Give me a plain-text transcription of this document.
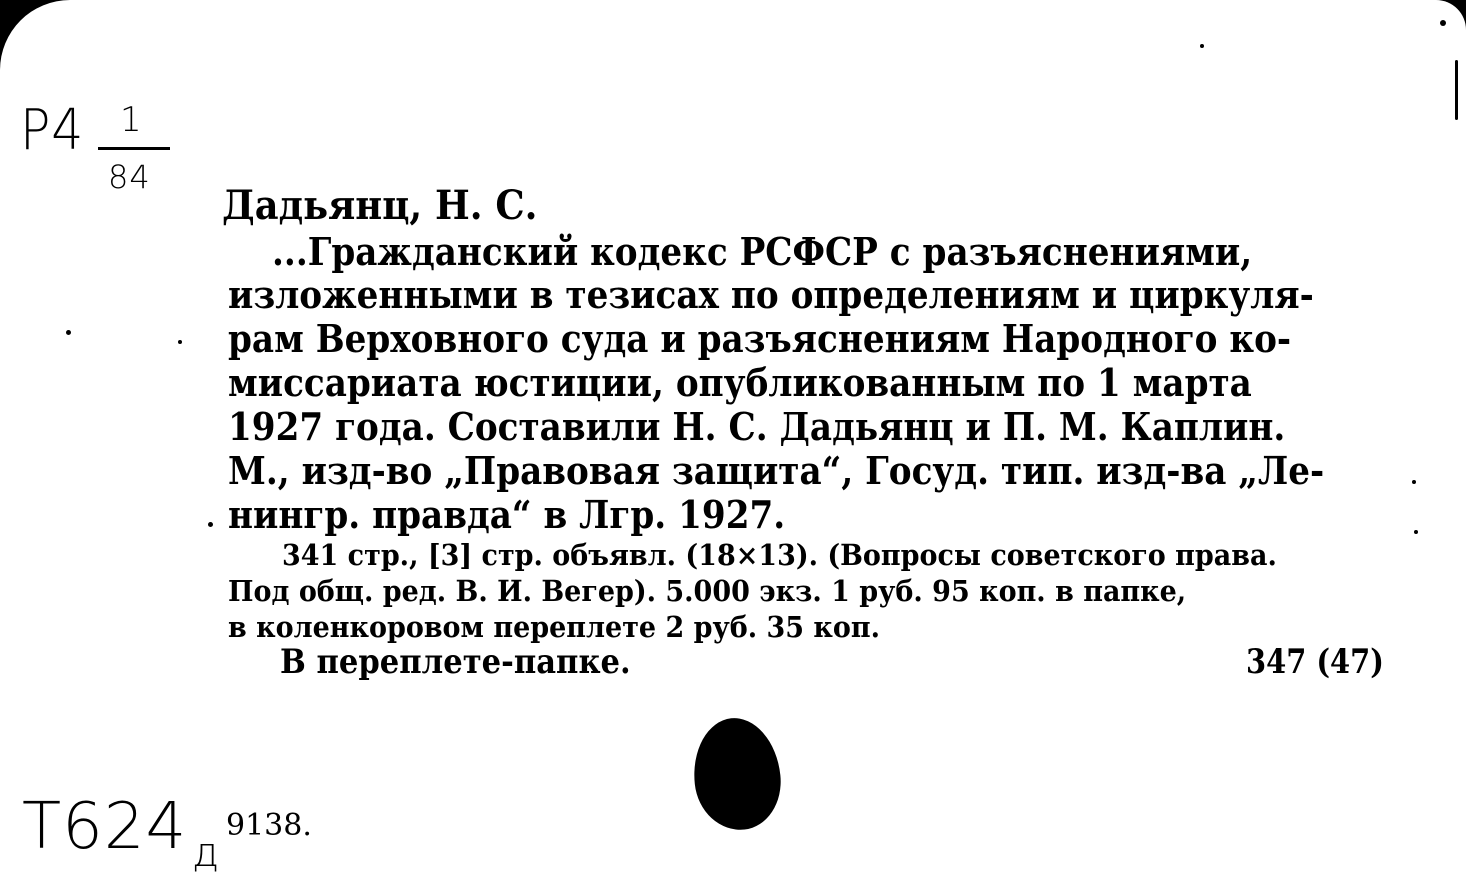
Р4 1
84
Дадьянц, Н. С.
...Гражданский кодекс РСФСР с разъяснениями,
изложенными в тезисах по определениям и циркуля-
рам Верховного суда и разъяснениям Народного ко-
миссариата юстиции, опубликованным по 1 марта
1927 года. Составили Н. С. Дадьянц и П. М. Каплин.
М., изд-во „Правовая защита“, Госуд. тип. изд-ва „Ле-
нингр. правда“ в Лгр. 1927.
341 стр., [3] стр. объявл. (18×13). (Вопросы советского права.
Под общ. ред. В. И. Вегер). 5.000 экз. 1 руб. 95 коп. в папке,
в коленкоровом переплете 2 руб. 35 коп.
В переплете-папке.	347 (47)
Т624 д
9138.
